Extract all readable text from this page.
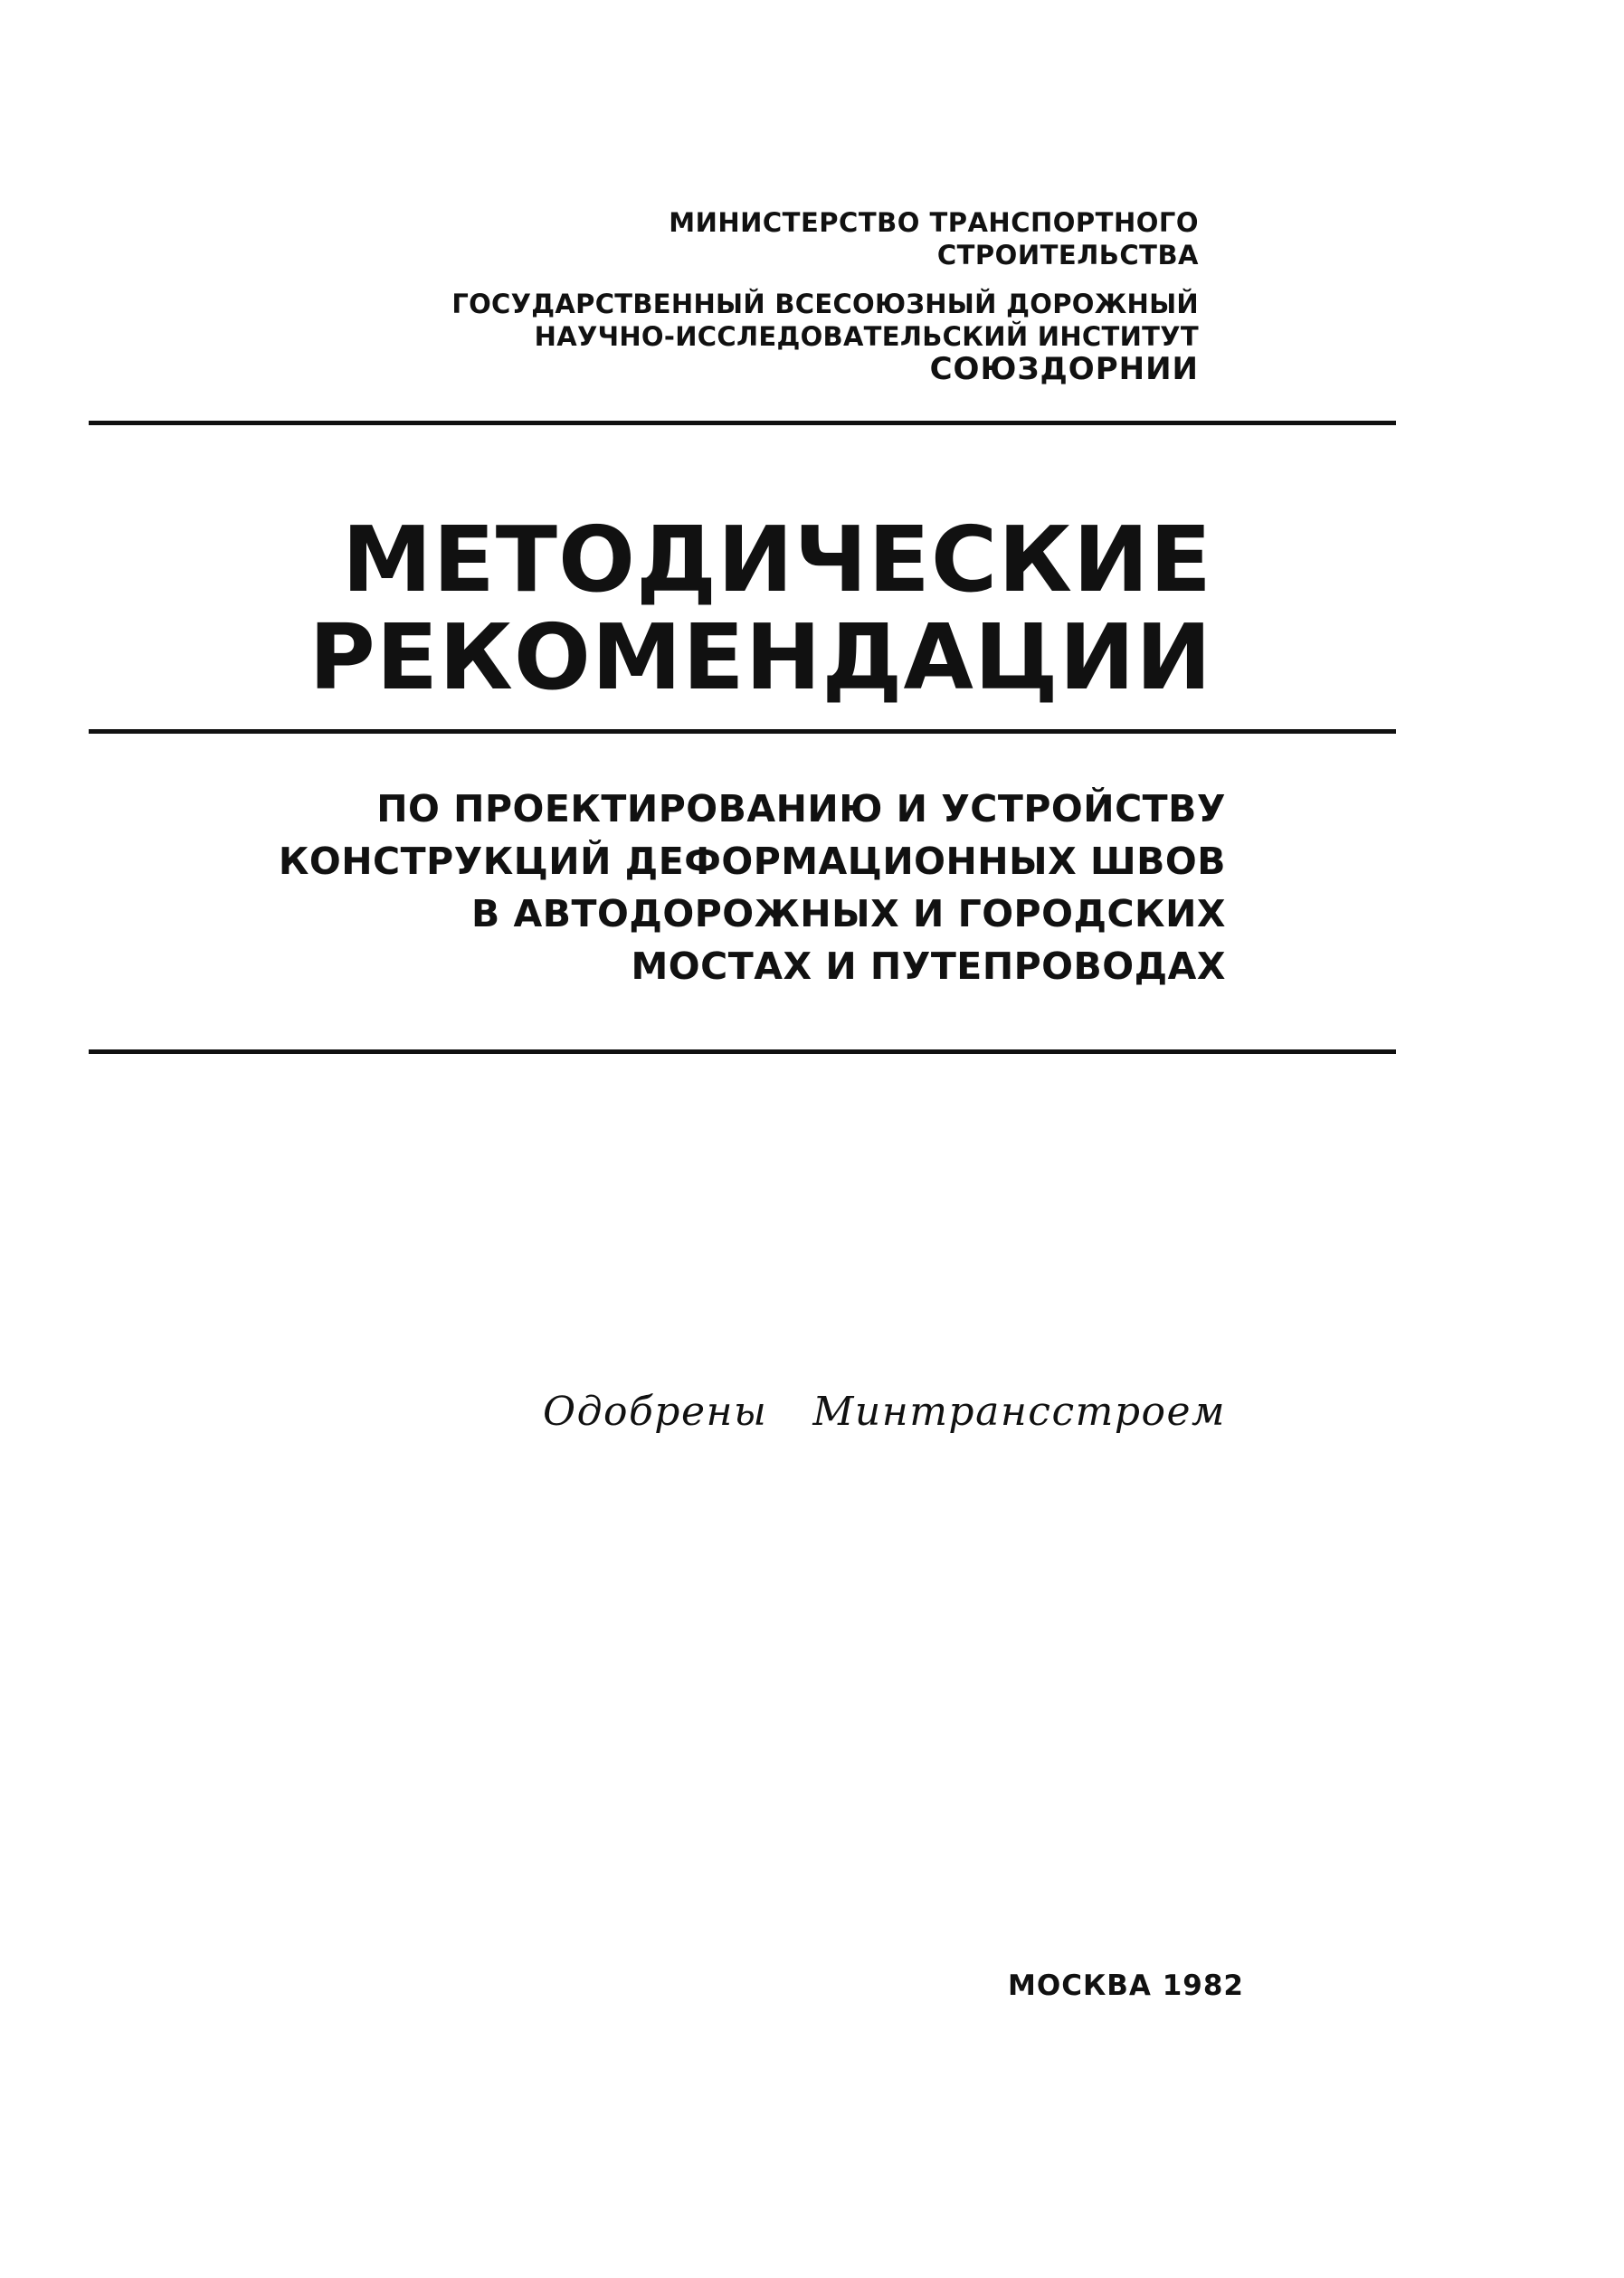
МИНИСТЕРСТВО ТРАНСПОРТНОГО
СТРОИТЕЛЬСТВА
ГОСУДАРСТВЕННЫЙ ВСЕСОЮЗНЫЙ ДОРОЖНЫЙ
НАУЧНО-ИССЛЕДОВАТЕЛЬСКИЙ ИНСТИТУТ
СОЮЗДОРНИИ
МЕТОДИЧЕСКИЕ
РЕКОМЕНДАЦИИ
ПО ПРОЕКТИРОВАНИЮ И УСТРОЙСТВУ
КОНСТРУКЦИЙ ДЕФОРМАЦИОННЫХ ШВОВ
В АВТОДОРОЖНЫХ И ГОРОДСКИХ
МОСТАХ И ПУТЕПРОВОДАХ
Одобрены Минтрансстроем
МОСКВА 1982
